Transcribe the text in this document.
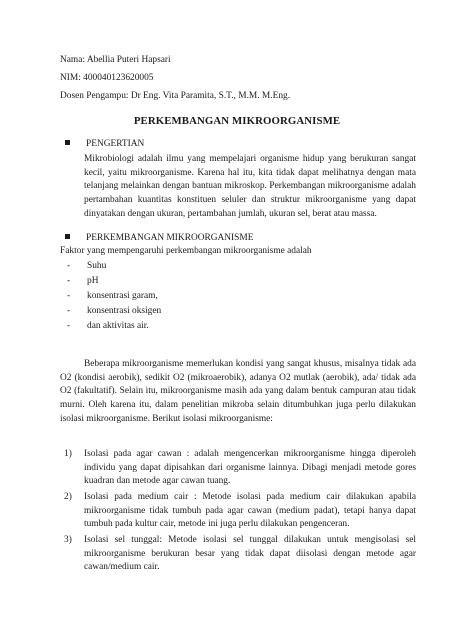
Nama: Abellia Puteri Hapsari
NIM: 400040123620005
Dosen Pengampu: Dr Eng. Vita Paramita, S.T., M.M. M.Eng.
PERKEMBANGAN MIKROORGANISME
PENGERTIAN
Mikrobiologi adalah ilmu yang mempelajari organisme hidup yang berukuran sangat kecil, yaitu mikroorganisme. Karena hal itu, kita tidak dapat melihatnya dengan mata telanjang melainkan dengan bantuan mikroskop. Perkembangan mikroorganisme adalah pertambahan kuantitas konstituen seluler dan struktur mikroorganisme yang dapat dinyatakan dengan ukuran, pertambahan jumlah, ukuran sel, berat atau massa.
PERKEMBANGAN MIKROORGANISME
Faktor yang mempengaruhi perkembangan mikroorganisme adalah
- Suhu
- pH
- konsentrasi garam,
- konsentrasi oksigen
- dan aktivitas air.
Beberapa mikroorganisme memerlukan kondisi yang sangat khusus, misalnya tidak ada O2 (kondisi aerobik), sedikit O2 (mikroaerobik), adanya O2 mutlak (aerobik), ada/ tidak ada O2 (fakultatif). Selain itu, mikroorganisme masih ada yang dalam bentuk campuran atau tidak murni. Oleh karena itu, dalam penelitian mikroba selain ditumbuhkan juga perlu dilakukan isolasi mikroorganisme. Berikut isolasi mikroorganisme:
1) Isolasi pada agar cawan : adalah mengencerkan mikroorganisme hingga diperoleh individu yang dapat dipisahkan dari organisme lainnya. Dibagi menjadi metode gores kuadran dan metode agar cawan tuang.
2) Isolasi pada medium cair : Metode isolasi pada medium cair dilakukan apabila mikroorganisme tidak tumbuh pada agar cawan (medium padat), tetapi hanya dapat tumbuh pada kultur cair, metode ini juga perlu dilakukan pengenceran.
3) Isolasi sel tunggal: Metode isolasi sel tunggal dilakukan untuk mengisolasi sel mikroorganisme berukuran besar yang tidak dapat diisolasi dengan metode agar cawan/medium cair.
